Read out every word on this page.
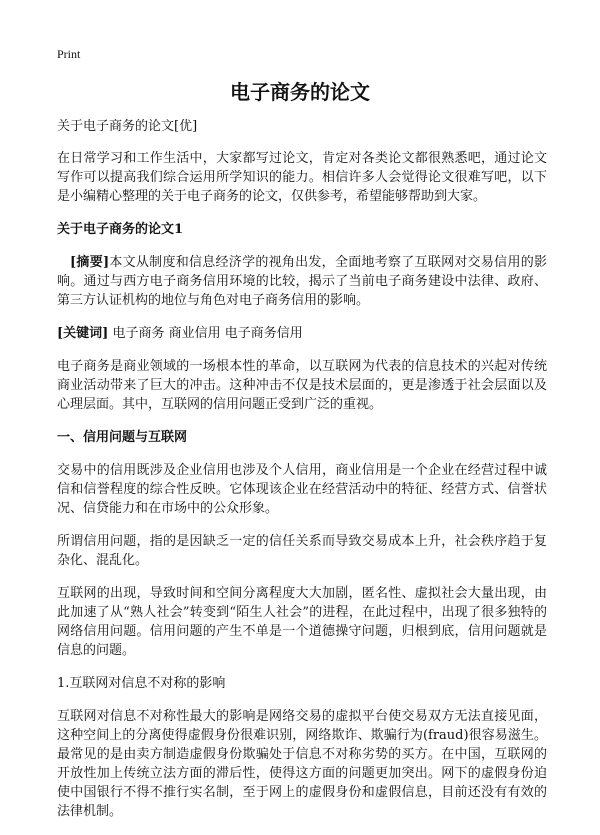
Print
电子商务的论文

关于电子商务的论文[优]

在日常学习和工作生活中，大家都写过论文，肯定对各类论文都很熟悉吧，通过论文写作可以提高我们综合运用所学知识的能力。相信许多人会觉得论文很难写吧，以下是小编精心整理的关于电子商务的论文，仅供参考，希望能够帮助到大家。

关于电子商务的论文1

[摘要]本文从制度和信息经济学的视角出发，全面地考察了互联网对交易信用的影响。通过与西方电子商务信用环境的比较，揭示了当前电子商务建设中法律、政府、第三方认证机构的地位与角色对电子商务信用的影响。

[关键词] 电子商务 商业信用 电子商务信用

电子商务是商业领域的一场根本性的革命，以互联网为代表的信息技术的兴起对传统商业活动带来了巨大的冲击。这种冲击不仅是技术层面的，更是渗透于社会层面以及心理层面。其中，互联网的信用问题正受到广泛的重视。

一、信用问题与互联网

交易中的信用既涉及企业信用也涉及个人信用，商业信用是一个企业在经营过程中诚信和信誉程度的综合性反映。它体现该企业在经营活动中的特征、经营方式、信誉状况、信贷能力和在市场中的公众形象。

所谓信用问题，指的是因缺乏一定的信任关系而导致交易成本上升，社会秩序趋于复杂化、混乱化。

互联网的出现，导致时间和空间分离程度大大加剧，匿名性、虚拟社会大量出现，由此加速了从“熟人社会”转变到“陌生人社会”的进程，在此过程中，出现了很多独特的网络信用问题。信用问题的产生不单是一个道德操守问题，归根到底，信用问题就是信息的问题。

1.互联网对信息不对称的影响

互联网对信息不对称性最大的影响是网络交易的虚拟平台使交易双方无法直接见面，这种空间上的分离使得虚假身份很难识别，网络欺诈、欺骗行为(fraud)很容易滋生。最常见的是由卖方制造虚假身份欺骗处于信息不对称劣势的买方。在中国，互联网的开放性加上传统立法方面的滞后性，使得这方面的问题更加突出。网下的虚假身份迫使中国银行不得不推行实名制，至于网上的虚假身份和虚假信息，目前还没有有效的法律机制。
